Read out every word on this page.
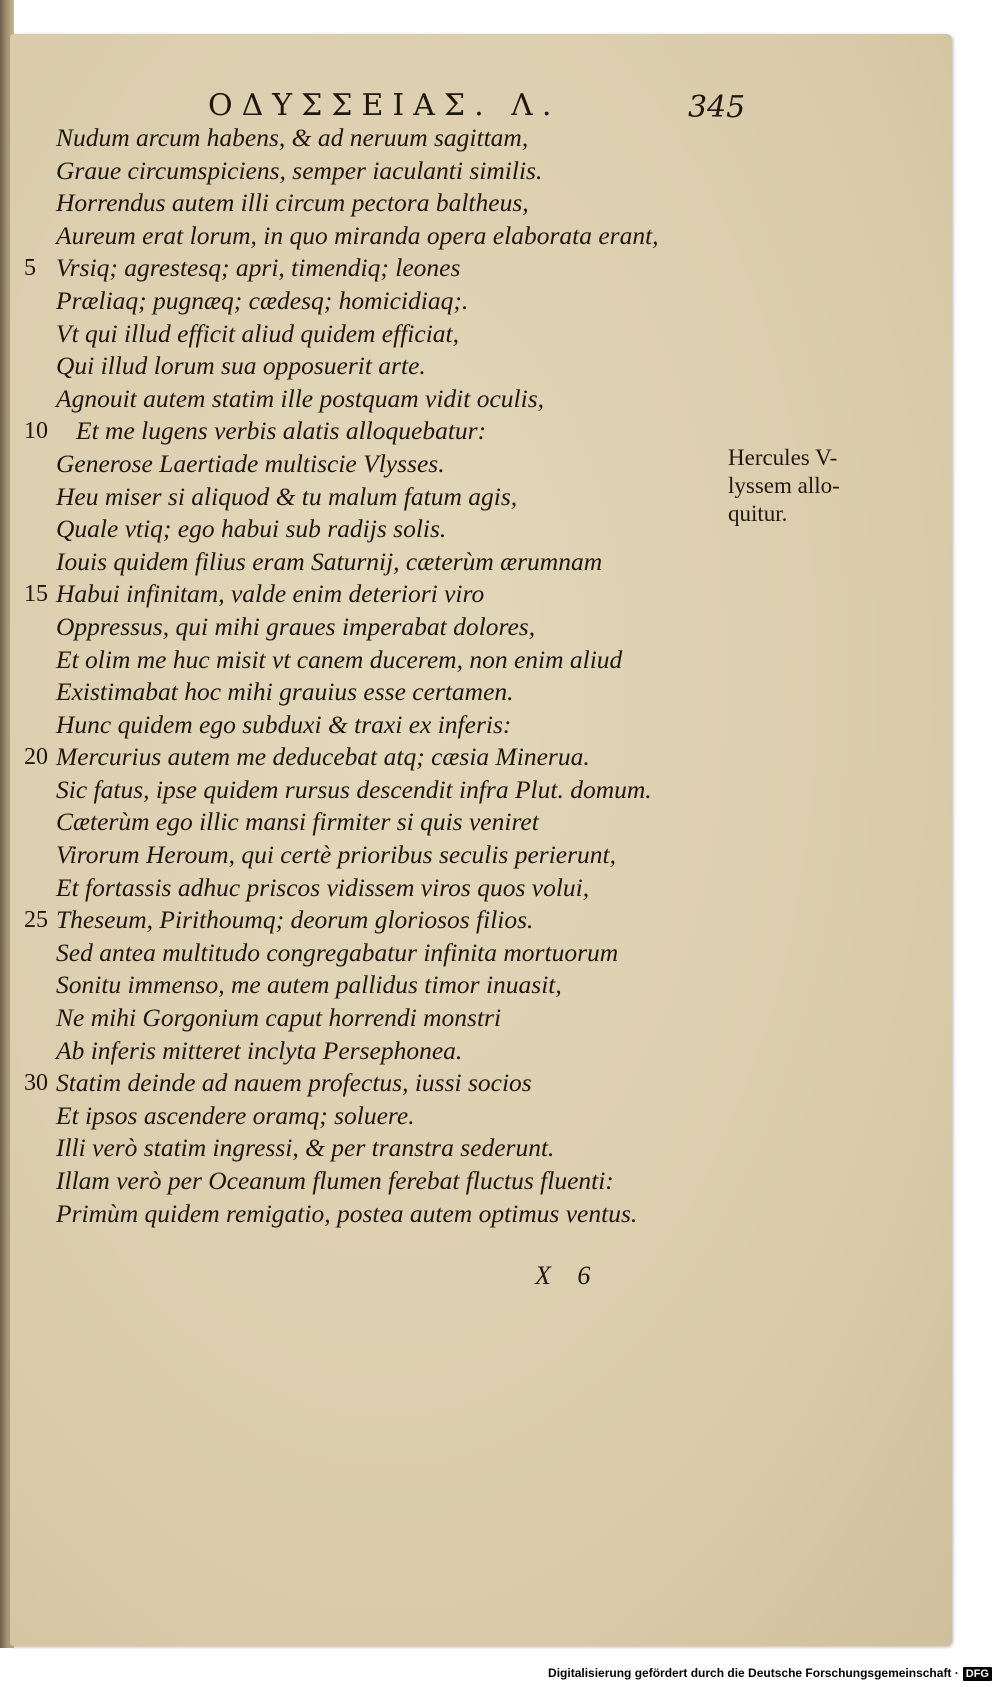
ΟΔΥΣΣΕΙΑΣ. Λ.	345
Nudum arcum habens, & ad neruum sagittam,
Graue circumspiciens, semper iaculanti similis.
Horrendus autem illi circum pectora baltheus,
Aureum erat lorum, in quo miranda opera elaborata erant,
5 Vrsiq; agrestesq; apri, timendiq; leones
Præliaq; pugnæq; cædesq; homicidiaq;.
Vt qui illud efficit aliud quidem efficiat,
Qui illud lorum sua opposuerit arte.
Agnouit autem statim ille postquam vidit oculis,
10 Et me lugens verbis alatis alloquebatur:
Generose Laertiade multiscie Vlysses.
Heu miser si aliquod & tu malum fatum agis,
Quale vtiq; ego habui sub radijs solis.
Iouis quidem filius eram Saturnij, cæterùm ærumnam
15 Habui infinitam, valde enim deteriori viro
Oppressus, qui mihi graues imperabat dolores,
Et olim me huc misit vt canem ducerem, non enim aliud
Existimabat hoc mihi grauius esse certamen.
Hunc quidem ego subduxi & traxi ex inferis:
20 Mercurius autem me deducebat atq; cæsia Minerua.
Sic fatus, ipse quidem rursus descendit infra Plut. domum.
Cæterùm ego illic mansi firmiter si quis veniret
Virorum Heroum, qui certè prioribus seculis perierunt,
Et fortassis adhuc priscos vidissem viros quos volui,
25 Theseum, Pirithoumq; deorum gloriosos filios.
Sed antea multitudo congregabatur infinita mortuorum
Sonitu immenso, me autem pallidus timor inuasit,
Ne mihi Gorgonium caput horrendi monstri
Ab inferis mitteret inclyta Persephonea.
30 Statim deinde ad nauem profectus, iussi socios
Et ipsos ascendere oramq; soluere.
Illi verò statim ingressi, & per transtra sederunt.
Illam verò per Oceanum flumen ferebat fluctus fluenti:
Primùm quidem remigatio, postea autem optimus ventus.
Hercules V-
lyssem allo-
quitur.
X 6
Digitalisierung gefördert durch die Deutsche Forschungsgemeinschaft · DFG
